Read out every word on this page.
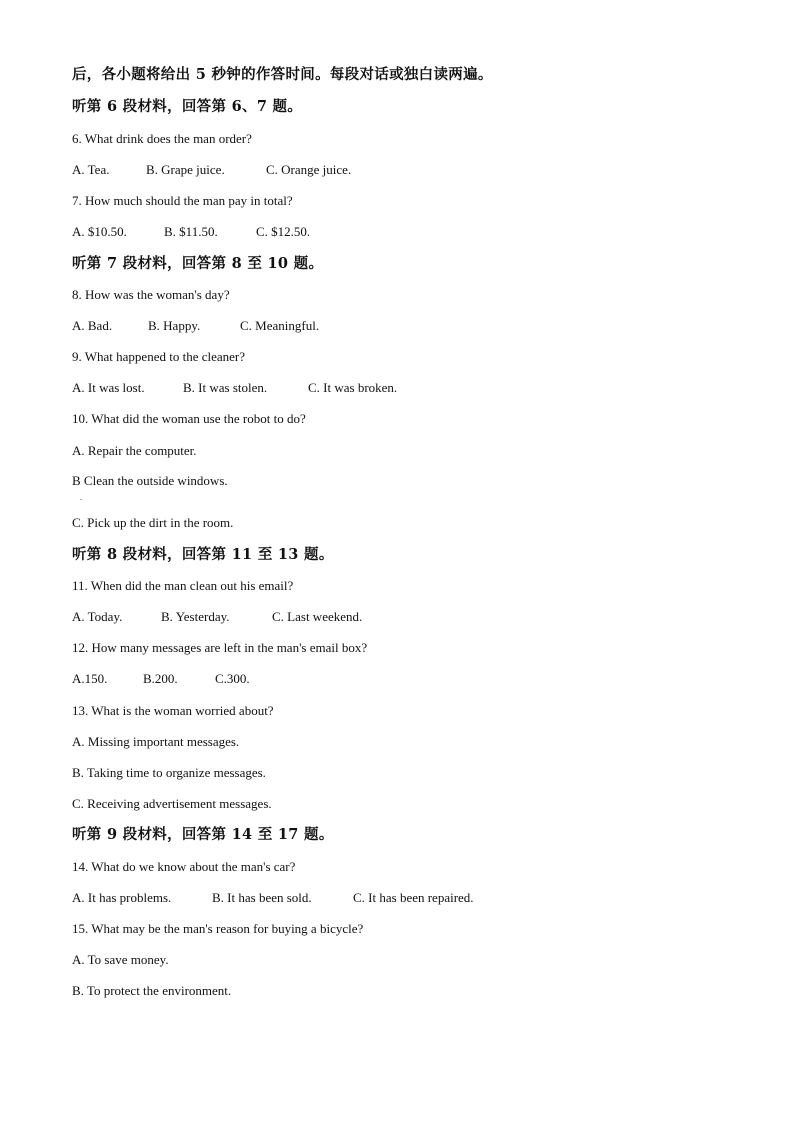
后，各小题将给出 5 秒钟的作答时间。每段对话或独白读两遍。
听第 6 段材料，回答第 6、7 题。
6. What drink does the man order?
A. Tea.	B. Grape juice.	C. Orange juice.
7. How much should the man pay in total?
A. $10.50.	B. $11.50.	C. $12.50.
听第 7 段材料，回答第 8 至 10 题。
8. How was the woman's day?
A. Bad.	B. Happy.	C. Meaningful.
9. What happened to the cleaner?
A. It was lost.	B. It was stolen.	C. It was broken.
10. What did the woman use the robot to do?
A. Repair the computer.
B Clean the outside windows.
.
C. Pick up the dirt in the room.
听第 8 段材料，回答第 11 至 13 题。
11. When did the man clean out his email?
A. Today.	B. Yesterday.	C. Last weekend.
12. How many messages are left in the man's email box?
A.150.	B.200.	C.300.
13. What is the woman worried about?
A. Missing important messages.
B. Taking time to organize messages.
C. Receiving advertisement messages.
听第 9 段材料，回答第 14 至 17 题。
14. What do we know about the man's car?
A. It has problems.	B. It has been sold.	C. It has been repaired.
15. What may be the man's reason for buying a bicycle?
A. To save money.
B. To protect the environment.
